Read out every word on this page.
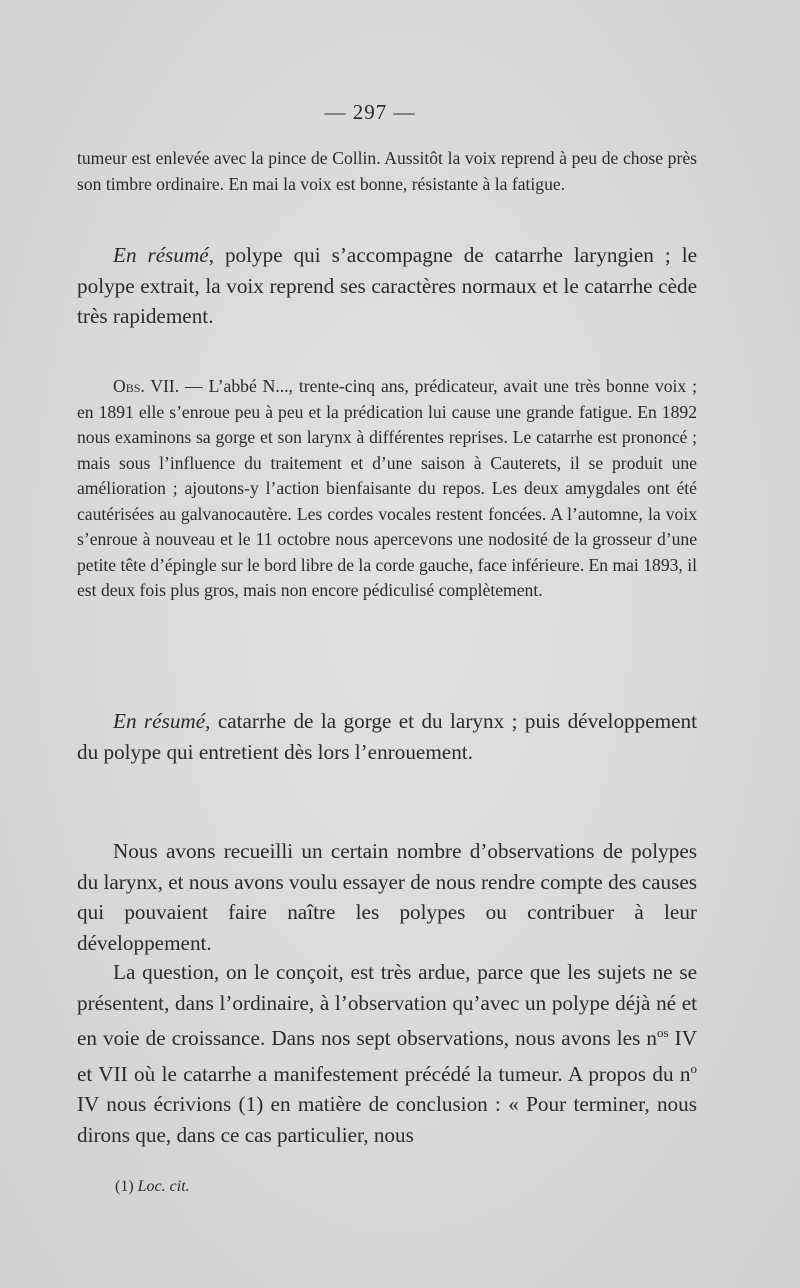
— 297 —

tumeur est enlevée avec la pince de Collin. Aussitôt la voix reprend à peu de chose près son timbre ordinaire. En mai la voix est bonne, résistante à la fatigue.

En résumé, polype qui s’accompagne de catarrhe laryngien ; le polype extrait, la voix reprend ses caractères normaux et le catarrhe cède très rapidement.

Obs. VII. — L’abbé N..., trente-cinq ans, prédicateur, avait une très bonne voix ; en 1891 elle s’enroue peu à peu et la prédication lui cause une grande fatigue. En 1892 nous examinons sa gorge et son larynx à différentes reprises. Le catarrhe est prononcé ; mais sous l’influence du traitement et d’une saison à Cauterets, il se produit une amélioration ; ajoutons-y l’action bienfaisante du repos. Les deux amygdales ont été cautérisées au galvanocautère. Les cordes vocales restent foncées. A l’automne, la voix s’enroue à nouveau et le 11 octobre nous apercevons une nodosité de la grosseur d’une petite tête d’épingle sur le bord libre de la corde gauche, face inférieure. En mai 1893, il est deux fois plus gros, mais non encore pédiculisé complètement.

En résumé, catarrhe de la gorge et du larynx ; puis développement du polype qui entretient dès lors l’enrouement.

Nous avons recueilli un certain nombre d’observations de polypes du larynx, et nous avons voulu essayer de nous rendre compte des causes qui pouvaient faire naître les polypes ou contribuer à leur développement.

La question, on le conçoit, est très ardue, parce que les sujets ne se présentent, dans l’ordinaire, à l’observation qu’avec un polype déjà né et en voie de croissance. Dans nos sept observations, nous avons les $n^{os}$ IV et VII où le catarrhe a manifestement précédé la tumeur. A propos du $n^o$ IV nous écrivions (1) en matière de conclusion : « Pour terminer, nous dirons que, dans ce cas particulier, nous

(1) Loc. cit.
